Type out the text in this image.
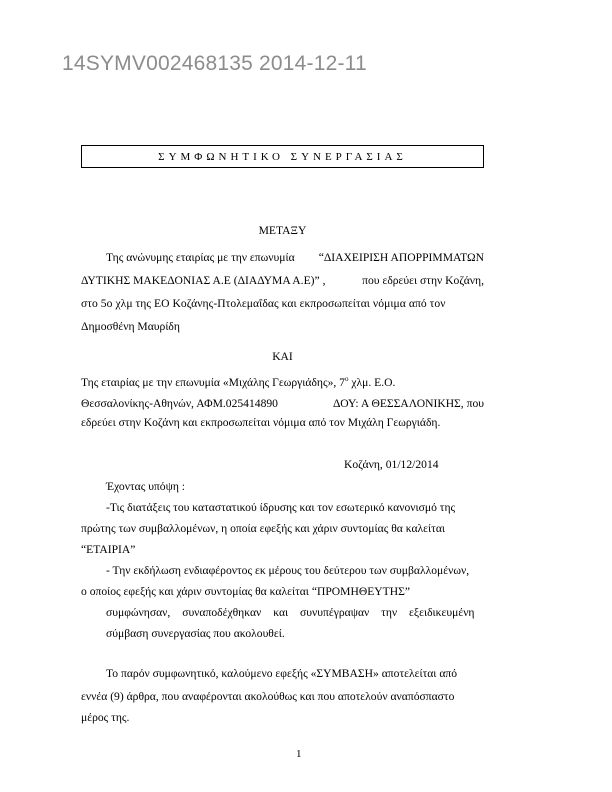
14SYMV002468135 2014-12-11
ΣΥΜΦΩΝΗΤΙΚΟ ΣΥΝΕΡΓΑΣΙΑΣ
ΜΕΤΑΞΥ
Της ανώνυμης εταιρίας με την επωνυμία “ΔΙΑΧΕΙΡΙΣΗ ΑΠΟΡΡΙΜΜΑΤΩΝ
ΔΥΤΙΚΗΣ ΜΑΚΕΔΟΝΙΑΣ Α.Ε (ΔΙΑΔΥΜΑ Α.Ε)” ,	που εδρεύει στην Κοζάνη,
στο 5ο χλμ της ΕΟ Κοζάνης-Πτολεμαΐδας και εκπροσωπείται νόμιμα από τον
Δημοσθένη Μαυρίδη
ΚΑΙ
Της εταιρίας με την επωνυμία «Μιχάλης Γεωργιάδης», $7^o$ χλμ. Ε.Ο.
Θεσσαλονίκης-Αθηνών, ΑΦΜ.025414890	ΔΟΥ: Α ΘΕΣΣΑΛΟΝΙΚΗΣ, που
εδρεύει στην Κοζάνη και εκπροσωπείται νόμιμα από τον Μιχάλη Γεωργιάδη.
Κοζάνη, 01/12/2014
Έχοντας υπόψη :
-Τις διατάξεις του καταστατικού ίδρυσης και τον εσωτερικό κανονισμό της
πρώτης των συμβαλλομένων, η οποία εφεξής και χάριν συντομίας θα καλείται
“ΕΤΑΙΡΙΑ”
- Την εκδήλωση ενδιαφέροντος εκ μέρους του δεύτερου των συμβαλλομένων,
ο οποίος εφεξής και χάριν συντομίας θα καλείται “ΠΡΟΜΗΘΕΥΤΗΣ”
συμφώνησαν, συναποδέχθηκαν και συνυπέγραψαν την εξειδικευμένη
σύμβαση συνεργασίας που ακολουθεί.
Το παρόν συμφωνητικό, καλούμενο εφεξής «ΣΥΜΒΑΣΗ» αποτελείται από
εννέα (9) άρθρα, που αναφέρονται ακολούθως και που αποτελούν αναπόσπαστο
μέρος της.
1
